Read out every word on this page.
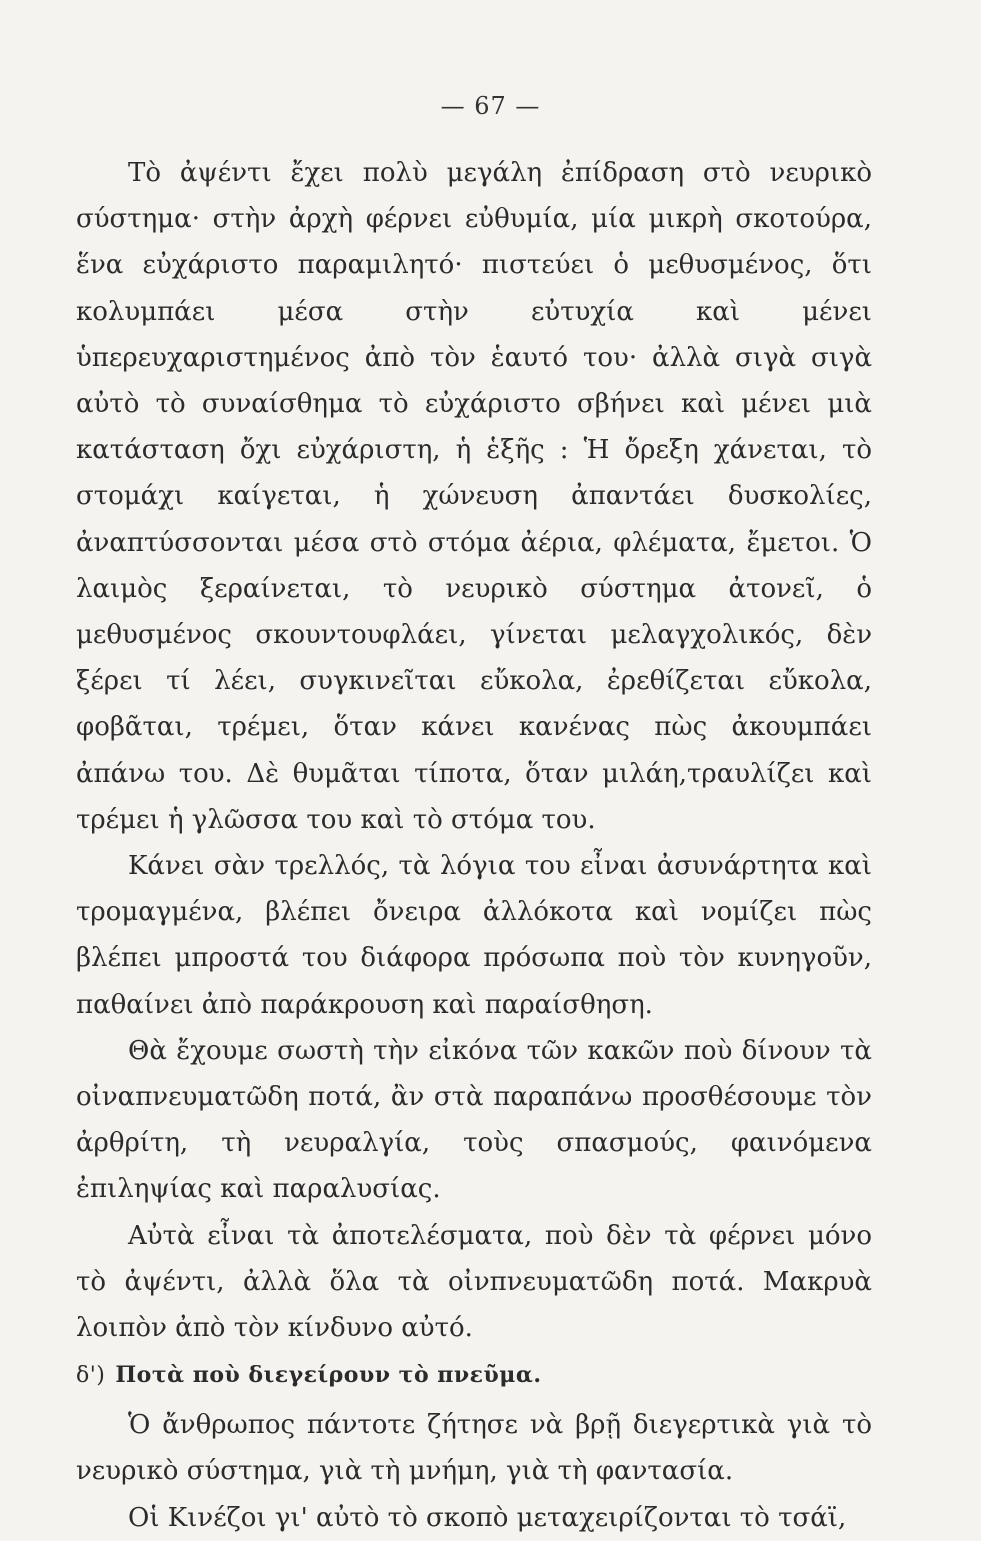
— 67 —

Τὸ ἀψέντι ἔχει πολὺ μεγάλη ἐπίδραση στὸ νευρικὸ σύστημα· στὴν ἀρχὴ φέρνει εὐθυμία, μία μικρὴ σκοτούρα, ἕνα εὐχάριστο παραμιλητό· πιστεύει ὁ μεθυσμένος, ὅτι κολυμπάει μέσα στὴν εὐτυχία καὶ μένει ὑπερευχαριστημένος ἀπὸ τὸν ἑαυτό του· ἀλλὰ σιγὰ σιγὰ αὐτὸ τὸ συναίσθημα τὸ εὐχάριστο σβήνει καὶ μένει μιὰ κατάσταση ὄχι εὐχάριστη, ἡ ἑξῆς : Ἡ ὄρεξη χάνεται, τὸ στομάχι καίγεται, ἡ χώνευση ἀπαντάει δυσκολίες, ἀναπτύσσονται μέσα στὸ στόμα ἀέρια, φλέματα, ἔμετοι. Ὁ λαιμὸς ξεραίνεται, τὸ νευρικὸ σύστημα ἀτονεῖ, ὁ μεθυσμένος σκουντουφλάει, γίνεται μελαγχολικός, δὲν ξέρει τί λέει, συγκινεῖται εὔκολα, ἐρεθίζεται εὔκολα, φοβᾶται, τρέμει, ὅταν κάνει κανένας πὼς ἀκουμπάει ἀπάνω του. Δὲ θυμᾶται τίποτα, ὅταν μιλάη,τραυλίζει καὶ τρέμει ἡ γλῶσσα του καὶ τὸ στόμα του.

Κάνει σὰν τρελλός, τὰ λόγια του εἶναι ἀσυνάρτητα καὶ τρομαγμένα, βλέπει ὄνειρα ἀλλόκοτα καὶ νομίζει πὼς βλέπει μπροστά του διάφορα πρόσωπα ποὺ τὸν κυνηγοῦν, παθαίνει ἀπὸ παράκρουση καὶ παραίσθηση.

Θὰ ἔχουμε σωστὴ τὴν εἰκόνα τῶν κακῶν ποὺ δίνουν τὰ οἰναπνευματῶδη ποτά, ἂν στὰ παραπάνω προσθέσουμε τὸν ἀρθρίτη, τὴ νευραλγία, τοὺς σπασμούς, φαινόμενα ἐπιληψίας καὶ παραλυσίας.

Αὐτὰ εἶναι τὰ ἀποτελέσματα, ποὺ δὲν τὰ φέρνει μόνο τὸ ἀψέντι, ἀλλὰ ὅλα τὰ οἰνπνευματῶδη ποτά. Μακρυὰ λοιπὸν ἀπὸ τὸν κίνδυνο αὐτό.

δ') Ποτὰ ποὺ διεγείρουν τὸ πνεῦμα.

Ὁ ἄνθρωπος πάντοτε ζήτησε νὰ βρῇ διεγερτικὰ γιὰ τὸ νευρικὸ σύστημα, γιὰ τὴ μνήμη, γιὰ τὴ φαντασία.

Οἱ Κινέζοι γι' αὐτὸ τὸ σκοπὸ μεταχειρίζονται τὸ τσάϊ,
